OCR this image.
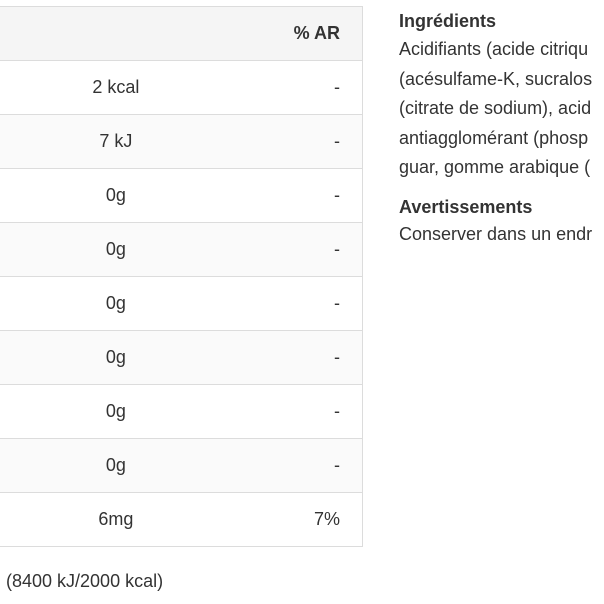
	% AR
2 kcal	-
7 kJ	-
0g	-
0g	-
0g	-
0g	-
0g	-
0g	-
6mg	7%
(8400 kJ/2000 kcal)
Ingrédients
Acidifiants (acide citriqu
(acésulfame-K, sucralos
(citrate de sodium), acid
antiagglomérant (phosp
guar, gomme arabique (
Avertissements
Conserver dans un endr
